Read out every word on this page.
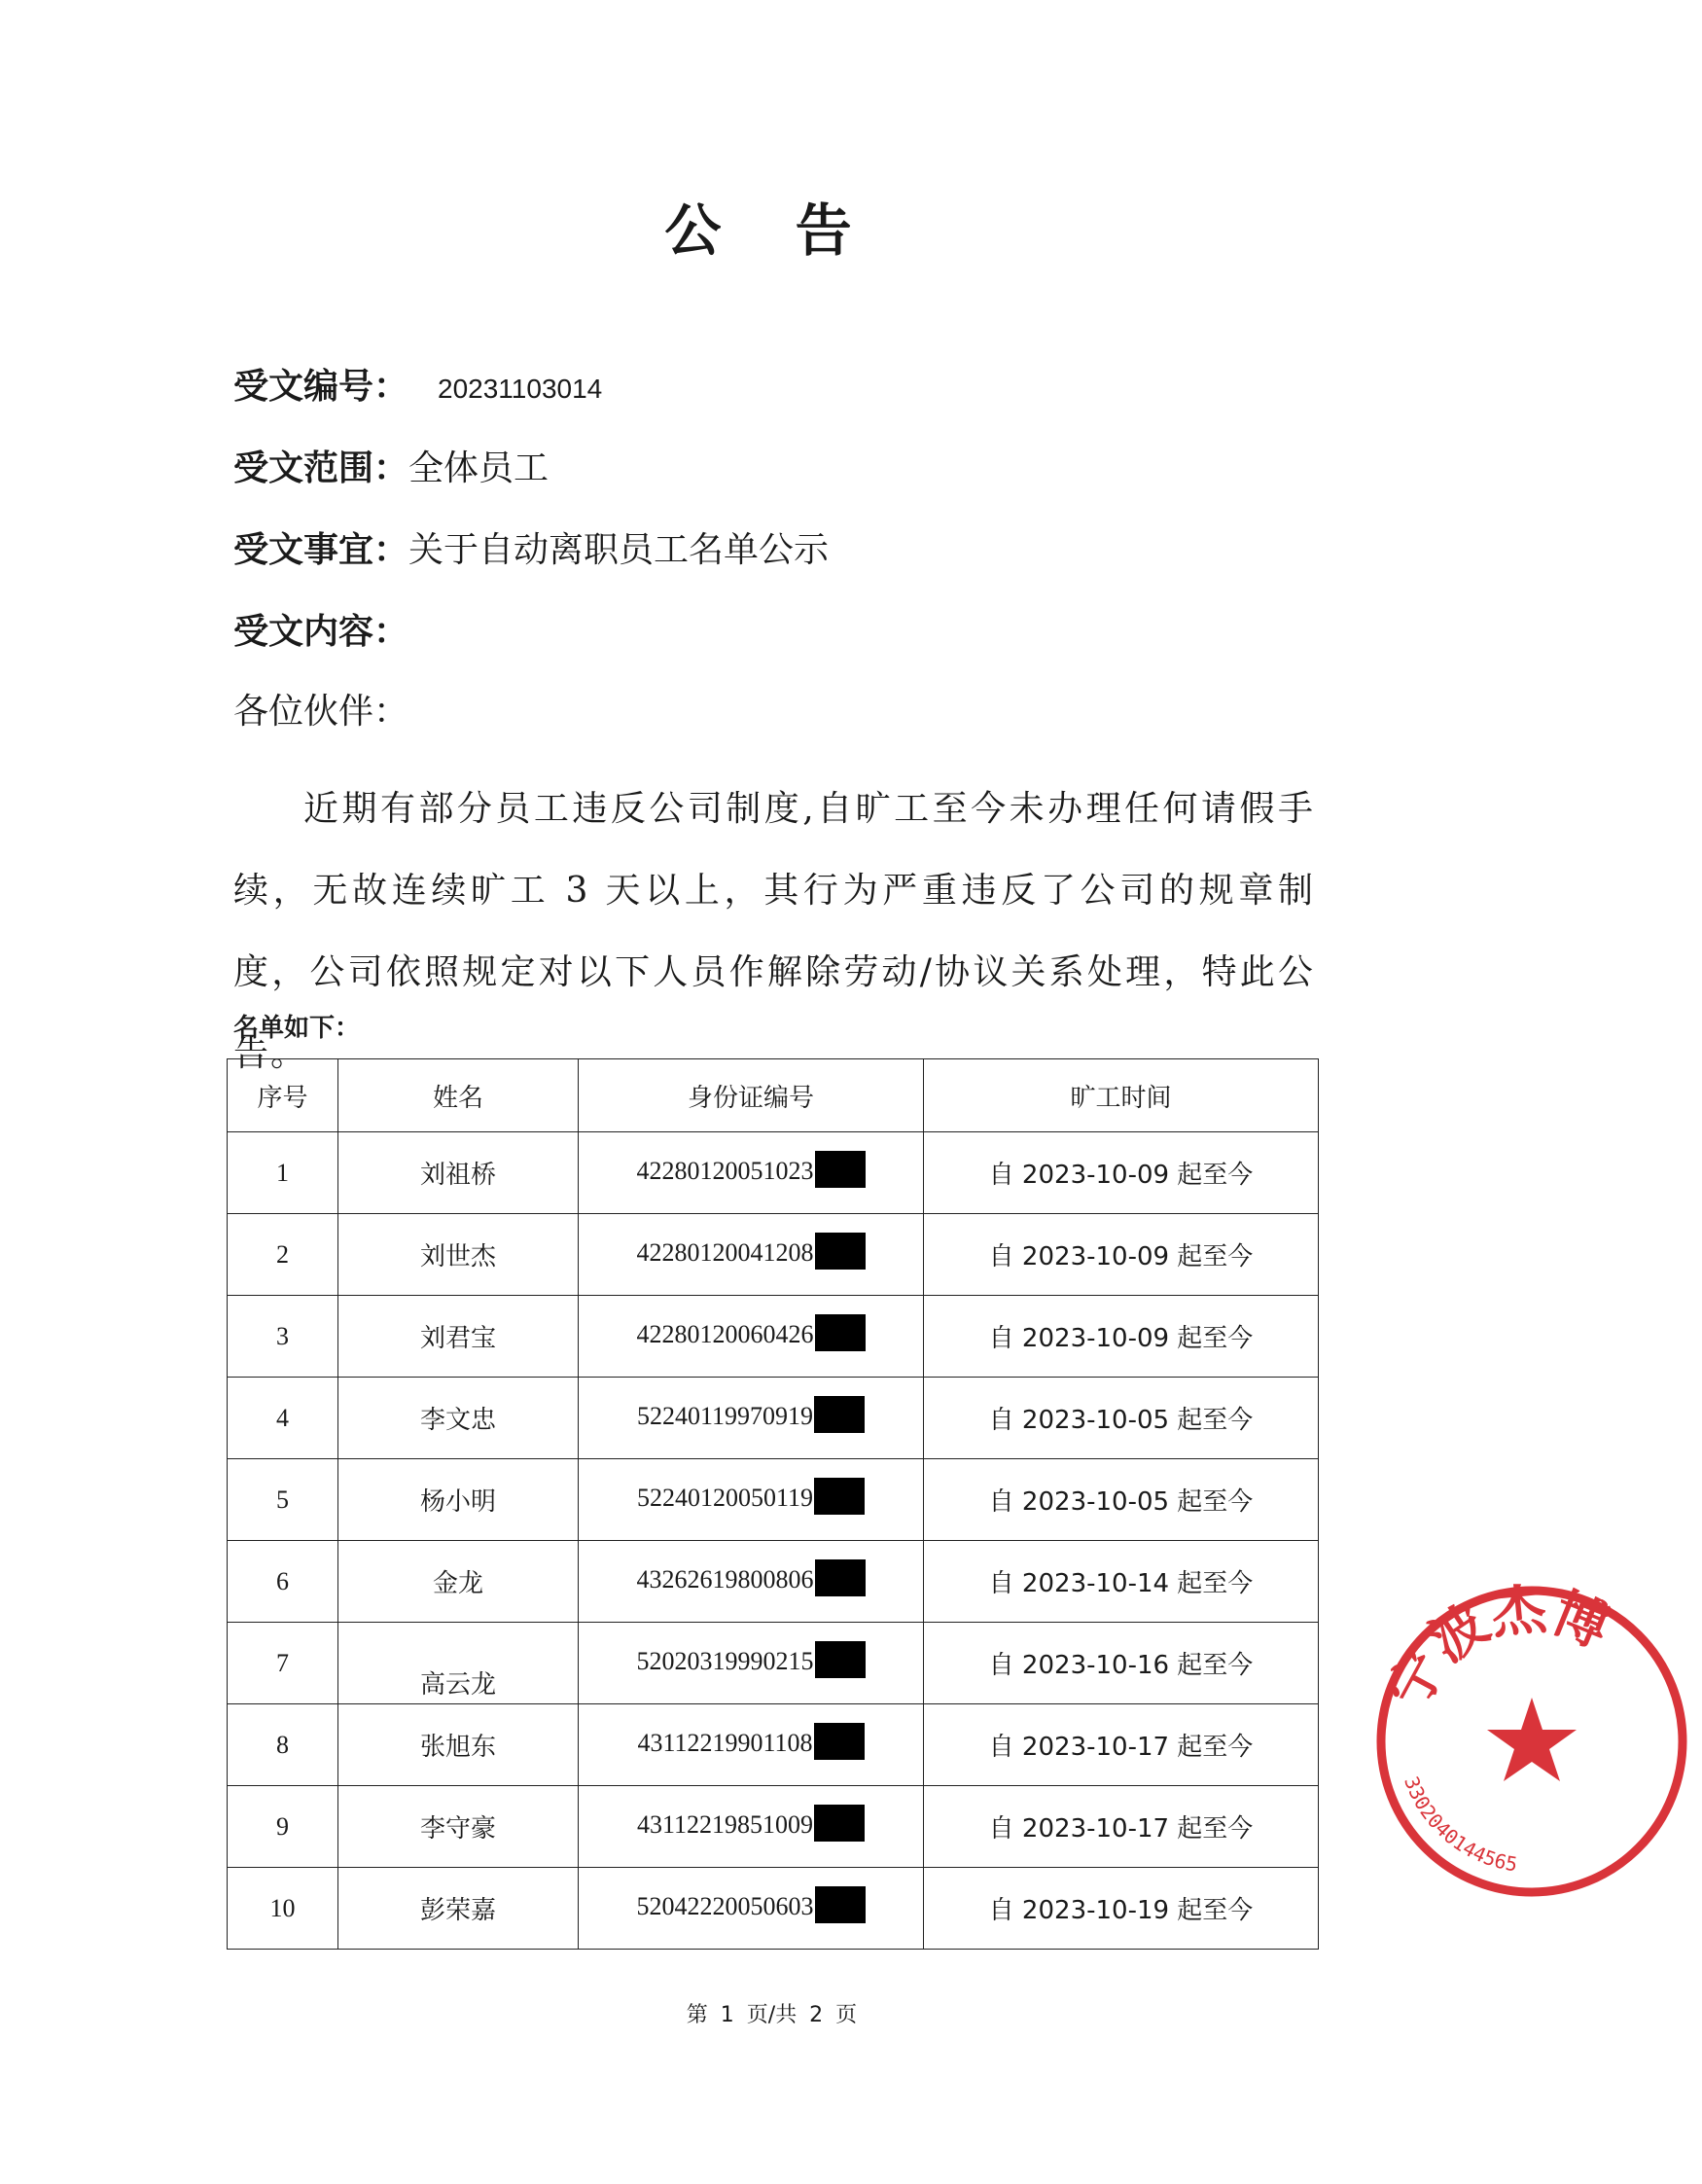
公 告
受文编号： 20231103014
受文范围：全体员工
受文事宜：关于自动离职员工名单公示
受文内容：
各位伙伴：
近期有部分员工违反公司制度,自旷工至今未办理任何请假手续，无故连续旷工 3 天以上，其行为严重违反了公司的规章制度，公司依照规定对以下人员作解除劳动/协议关系处理，特此公告。
名单如下：
序号	姓名	身份证编号	旷工时间
1	刘祖桥	42280120051023	自 2023-10-09 起至今
2	刘世杰	42280120041208	自 2023-10-09 起至今
3	刘君宝	42280120060426	自 2023-10-09 起至今
4	李文忠	52240119970919	自 2023-10-05 起至今
5	杨小明	52240120050119	自 2023-10-05 起至今
6	金龙	43262619800806	自 2023-10-14 起至今
7	高云龙	52020319990215	自 2023-10-16 起至今
8	张旭东	43112219901108	自 2023-10-17 起至今
9	李守豪	43112219851009	自 2023-10-17 起至今
10	彭荣嘉	52042220050603	自 2023-10-19 起至今
第 1 页/共 2 页
宁波杰博
3302040144565
